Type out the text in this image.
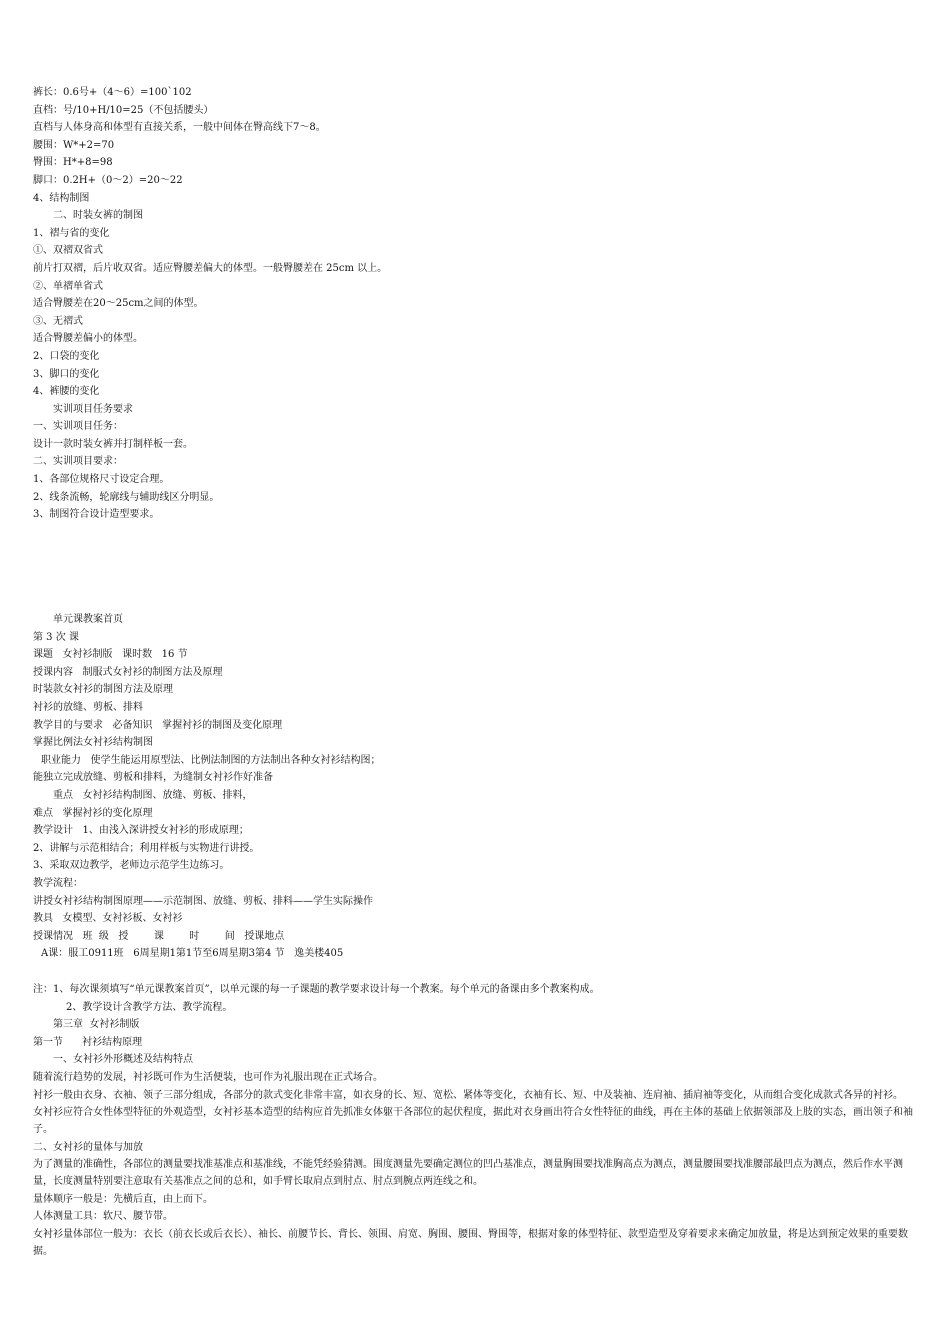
裤长：0.6号+（4～6）=100`102
直档：号/10+H/10=25（不包括腰头）
直档与人体身高和体型有直接关系，一般中间体在臀高线下7～8。
腰围：W*+2=70
臀围：H*+8=98
脚口：0.2H+（0～2）=20～22
4、结构制图
二、时装女裤的制图
1、褶与省的变化
①、双褶双省式
前片打双褶，后片收双省。适应臀腰差偏大的体型。一般臀腰差在 25cm 以上。
②、单褶单省式
适合臀腰差在20～25cm之间的体型。
③、无褶式
适合臀腰差偏小的体型。
2、口袋的变化
3、脚口的变化
4、裤腰的变化
实训项目任务要求
一、实训项目任务：
设计一款时装女裤并打制样板一套。
二、实训项目要求：
1、各部位规格尺寸设定合理。
2、线条流畅，轮廓线与辅助线区分明显。
3、制图符合设计造型要求。
单元课教案首页
第 3 次 课
课题   女衬衫制版   课时数   16 节
授课内容   制服式女衬衫的制图方法及原理
时装款女衬衫的制图方法及原理
衬衫的放缝、剪板、排料
教学目的与要求   必备知识   掌握衬衫的制图及变化原理
掌握比例法女衬衫结构制图
职业能力   使学生能运用原型法、比例法制图的方法制出各种女衬衫结构图；
能独立完成放缝、剪板和排料，为缝制女衬衫作好准备
重点   女衬衫结构制图、放缝、剪板、排料，
难点   掌握衬衫的变化原理
教学设计   1、由浅入深讲授女衬衫的形成原理；
2、讲解与示范相结合；利用样板与实物进行讲授。
3、采取双边教学，老师边示范学生边练习。
教学流程：
讲授女衬衫结构制图原理——示范制图、放缝、剪板、排料——学生实际操作
教具   女模型、女衬衫板、女衬衫
授课情况   班  级   授        课        时        间   授课地点
A课：服工0911班   6周星期1第1节至6周星期3第4 节   逸美楼405
注：1、每次课须填写“单元课教案首页”，以单元课的每一子课题的教学要求设计每一个教案。每个单元的备课由多个教案构成。
2、教学设计含教学方法、教学流程。
第三章  女衬衫制版
第一节      衬衫结构原理
一、女衬衫外形概述及结构特点
随着流行趋势的发展，衬衫既可作为生活便装，也可作为礼服出现在正式场合。
衬衫一般由衣身、衣袖、领子三部分组成，各部分的款式变化非常丰富，如衣身的长、短、宽松、紧体等变化，衣袖有长、短、中及装袖、连肩袖、插肩袖等变化，从而组合变化成款式各异的衬衫。
女衬衫应符合女性体型特征的外观造型，女衬衫基本造型的结构应首先抓准女体躯干各部位的起伏程度，据此对衣身画出符合女性特征的曲线，再在主体的基础上依据领部及上肢的实态，画出领子和袖子。
二、女衬衫的量体与加放
为了测量的准确性，各部位的测量要找准基准点和基准线，不能凭经验猜测。围度测量先要确定测位的凹凸基准点，测量胸围要找准胸高点为测点，测量腰围要找准腰部最凹点为测点，然后作水平测量，长度测量特别要注意取有关基准点之间的总和，如手臂长取肩点到肘点、肘点到腕点两连线之和。
量体顺序一般是：先横后直，由上而下。
人体测量工具：软尺、腰节带。
女衬衫量体部位一般为：衣长（前衣长或后衣长）、袖长、前腰节长、背长、领围、肩宽、胸围、腰围、臀围等，根据对象的体型特征、款型造型及穿着要求来确定加放量，将是达到预定效果的重要数据。
